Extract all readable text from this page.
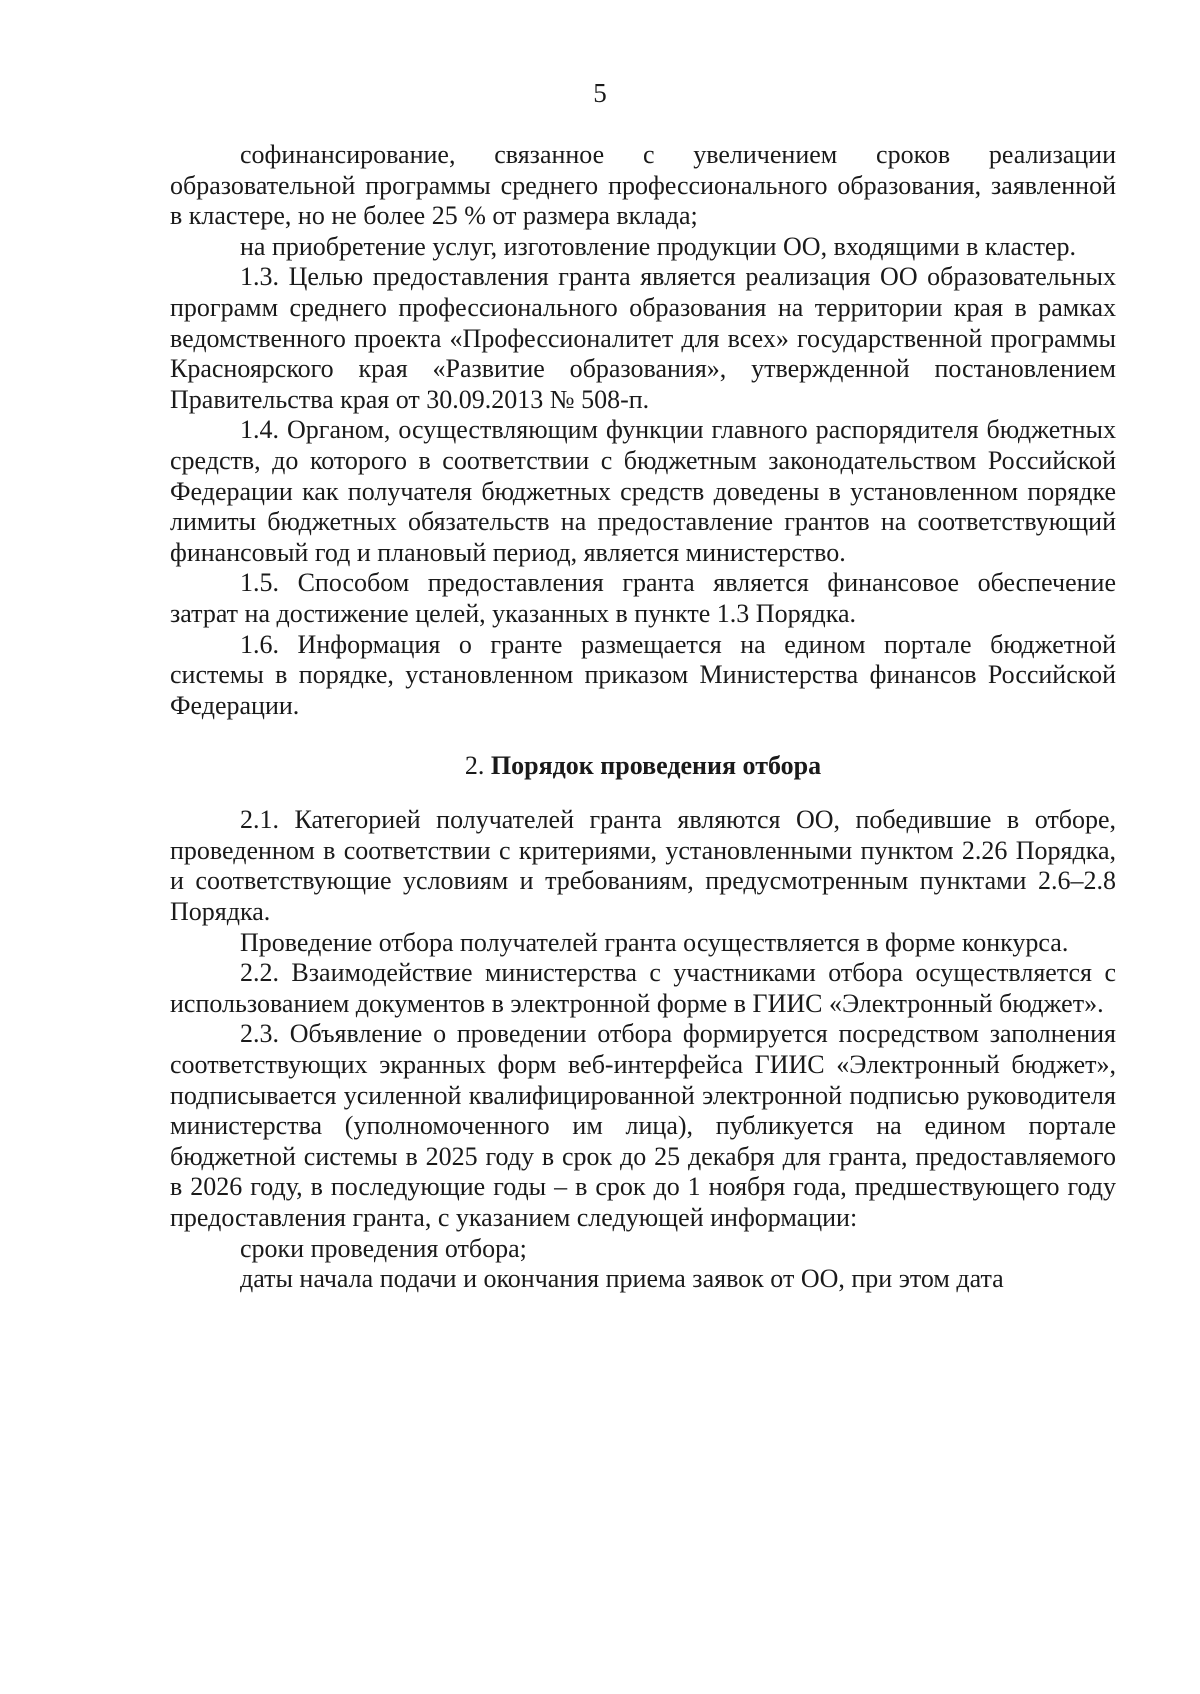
5

софинансирование, связанное с увеличением сроков реализации образовательной программы среднего профессионального образования, заявленной в кластере, но не более 25 % от размера вклада;

на приобретение услуг, изготовление продукции ОО, входящими в кластер.

1.3. Целью предоставления гранта является реализация ОО образовательных программ среднего профессионального образования на территории края в рамках ведомственного проекта «Профессионалитет для всех» государственной программы Красноярского края «Развитие образования», утвержденной постановлением Правительства края от 30.09.2013 № 508-п.

1.4. Органом, осуществляющим функции главного распорядителя бюджетных средств, до которого в соответствии с бюджетным законодательством Российской Федерации как получателя бюджетных средств доведены в установленном порядке лимиты бюджетных обязательств на предоставление грантов на соответствующий финансовый год и плановый период, является министерство.

1.5. Способом предоставления гранта является финансовое обеспечение затрат на достижение целей, указанных в пункте 1.3 Порядка.

1.6. Информация о гранте размещается на едином портале бюджетной системы в порядке, установленном приказом Министерства финансов Российской Федерации.

2. Порядок проведения отбора

2.1. Категорией получателей гранта являются ОО, победившие в отборе, проведенном в соответствии с критериями, установленными пунктом 2.26 Порядка, и соответствующие условиям и требованиям, предусмотренным пунктами 2.6–2.8 Порядка.

Проведение отбора получателей гранта осуществляется в форме конкурса.

2.2. Взаимодействие министерства с участниками отбора осуществляется с использованием документов в электронной форме в ГИИС «Электронный бюджет».

2.3. Объявление о проведении отбора формируется посредством заполнения соответствующих экранных форм веб-интерфейса ГИИС «Электронный бюджет», подписывается усиленной квалифицированной электронной подписью руководителя министерства (уполномоченного им лица), публикуется на едином портале бюджетной системы в 2025 году в срок до 25 декабря для гранта, предоставляемого в 2026 году, в последующие годы – в срок до 1 ноября года, предшествующего году предоставления гранта, с указанием следующей информации:

сроки проведения отбора;

даты начала подачи и окончания приема заявок от ОО, при этом дата
